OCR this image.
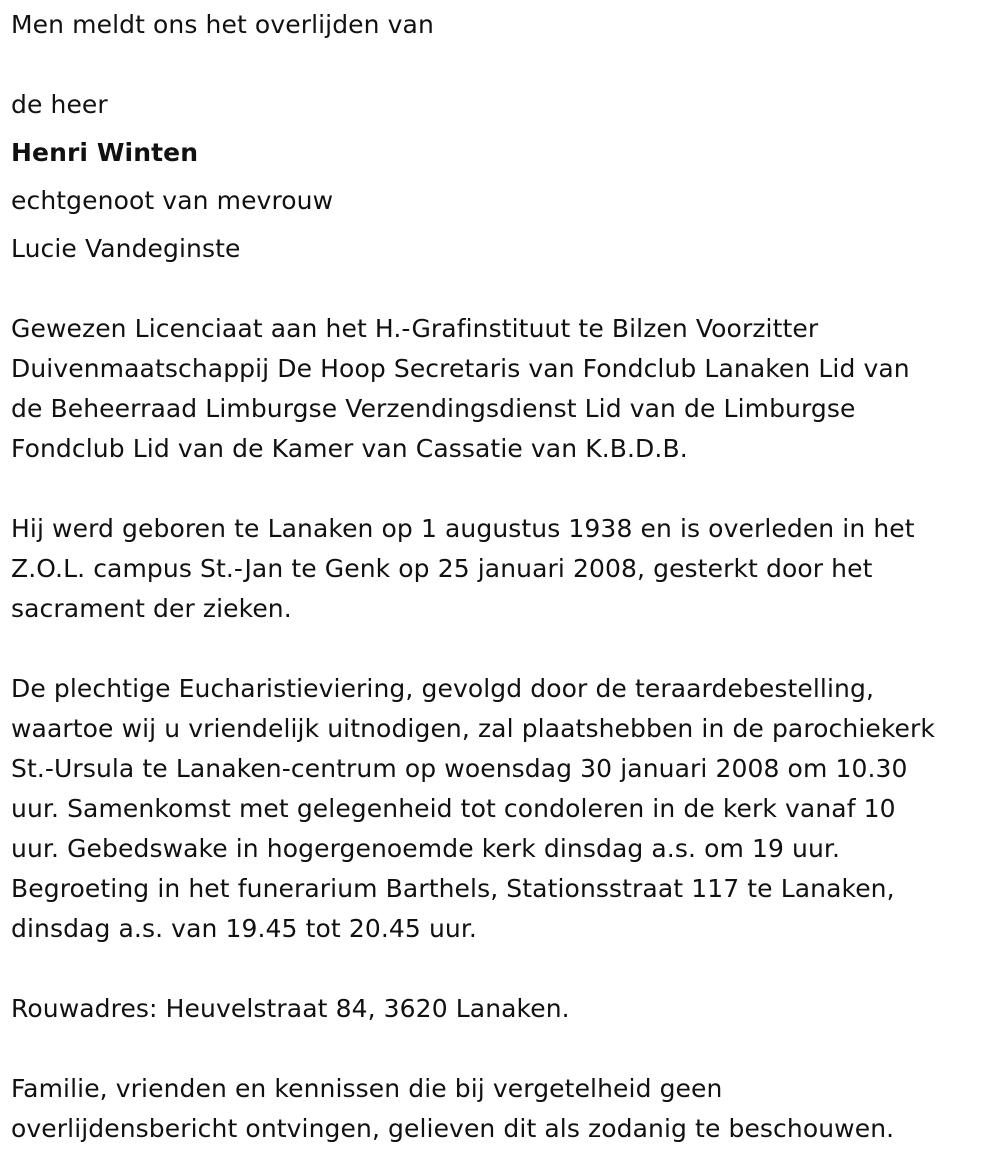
Men meldt ons het overlijden van

de heer

Henri Winten

echtgenoot van mevrouw

Lucie Vandeginste

Gewezen Licenciaat aan het H.-Grafinstituut te Bilzen Voorzitter

Duivenmaatschappij De Hoop Secretaris van Fondclub Lanaken Lid van

de Beheerraad Limburgse Verzendingsdienst Lid van de Limburgse

Fondclub Lid van de Kamer van Cassatie van K.B.D.B.

Hij werd geboren te Lanaken op 1 augustus 1938 en is overleden in het

Z.O.L. campus St.-Jan te Genk op 25 januari 2008, gesterkt door het

sacrament der zieken.

De plechtige Eucharistieviering, gevolgd door de teraardebestelling,

waartoe wij u vriendelijk uitnodigen, zal plaatshebben in de parochiekerk

St.-Ursula te Lanaken-centrum op woensdag 30 januari 2008 om 10.30

uur. Samenkomst met gelegenheid tot condoleren in de kerk vanaf 10

uur. Gebedswake in hogergenoemde kerk dinsdag a.s. om 19 uur.

Begroeting in het funerarium Barthels, Stationsstraat 117 te Lanaken,

dinsdag a.s. van 19.45 tot 20.45 uur.

Rouwadres: Heuvelstraat 84, 3620 Lanaken.

Familie, vrienden en kennissen die bij vergetelheid geen

overlijdensbericht ontvingen, gelieven dit als zodanig te beschouwen.
